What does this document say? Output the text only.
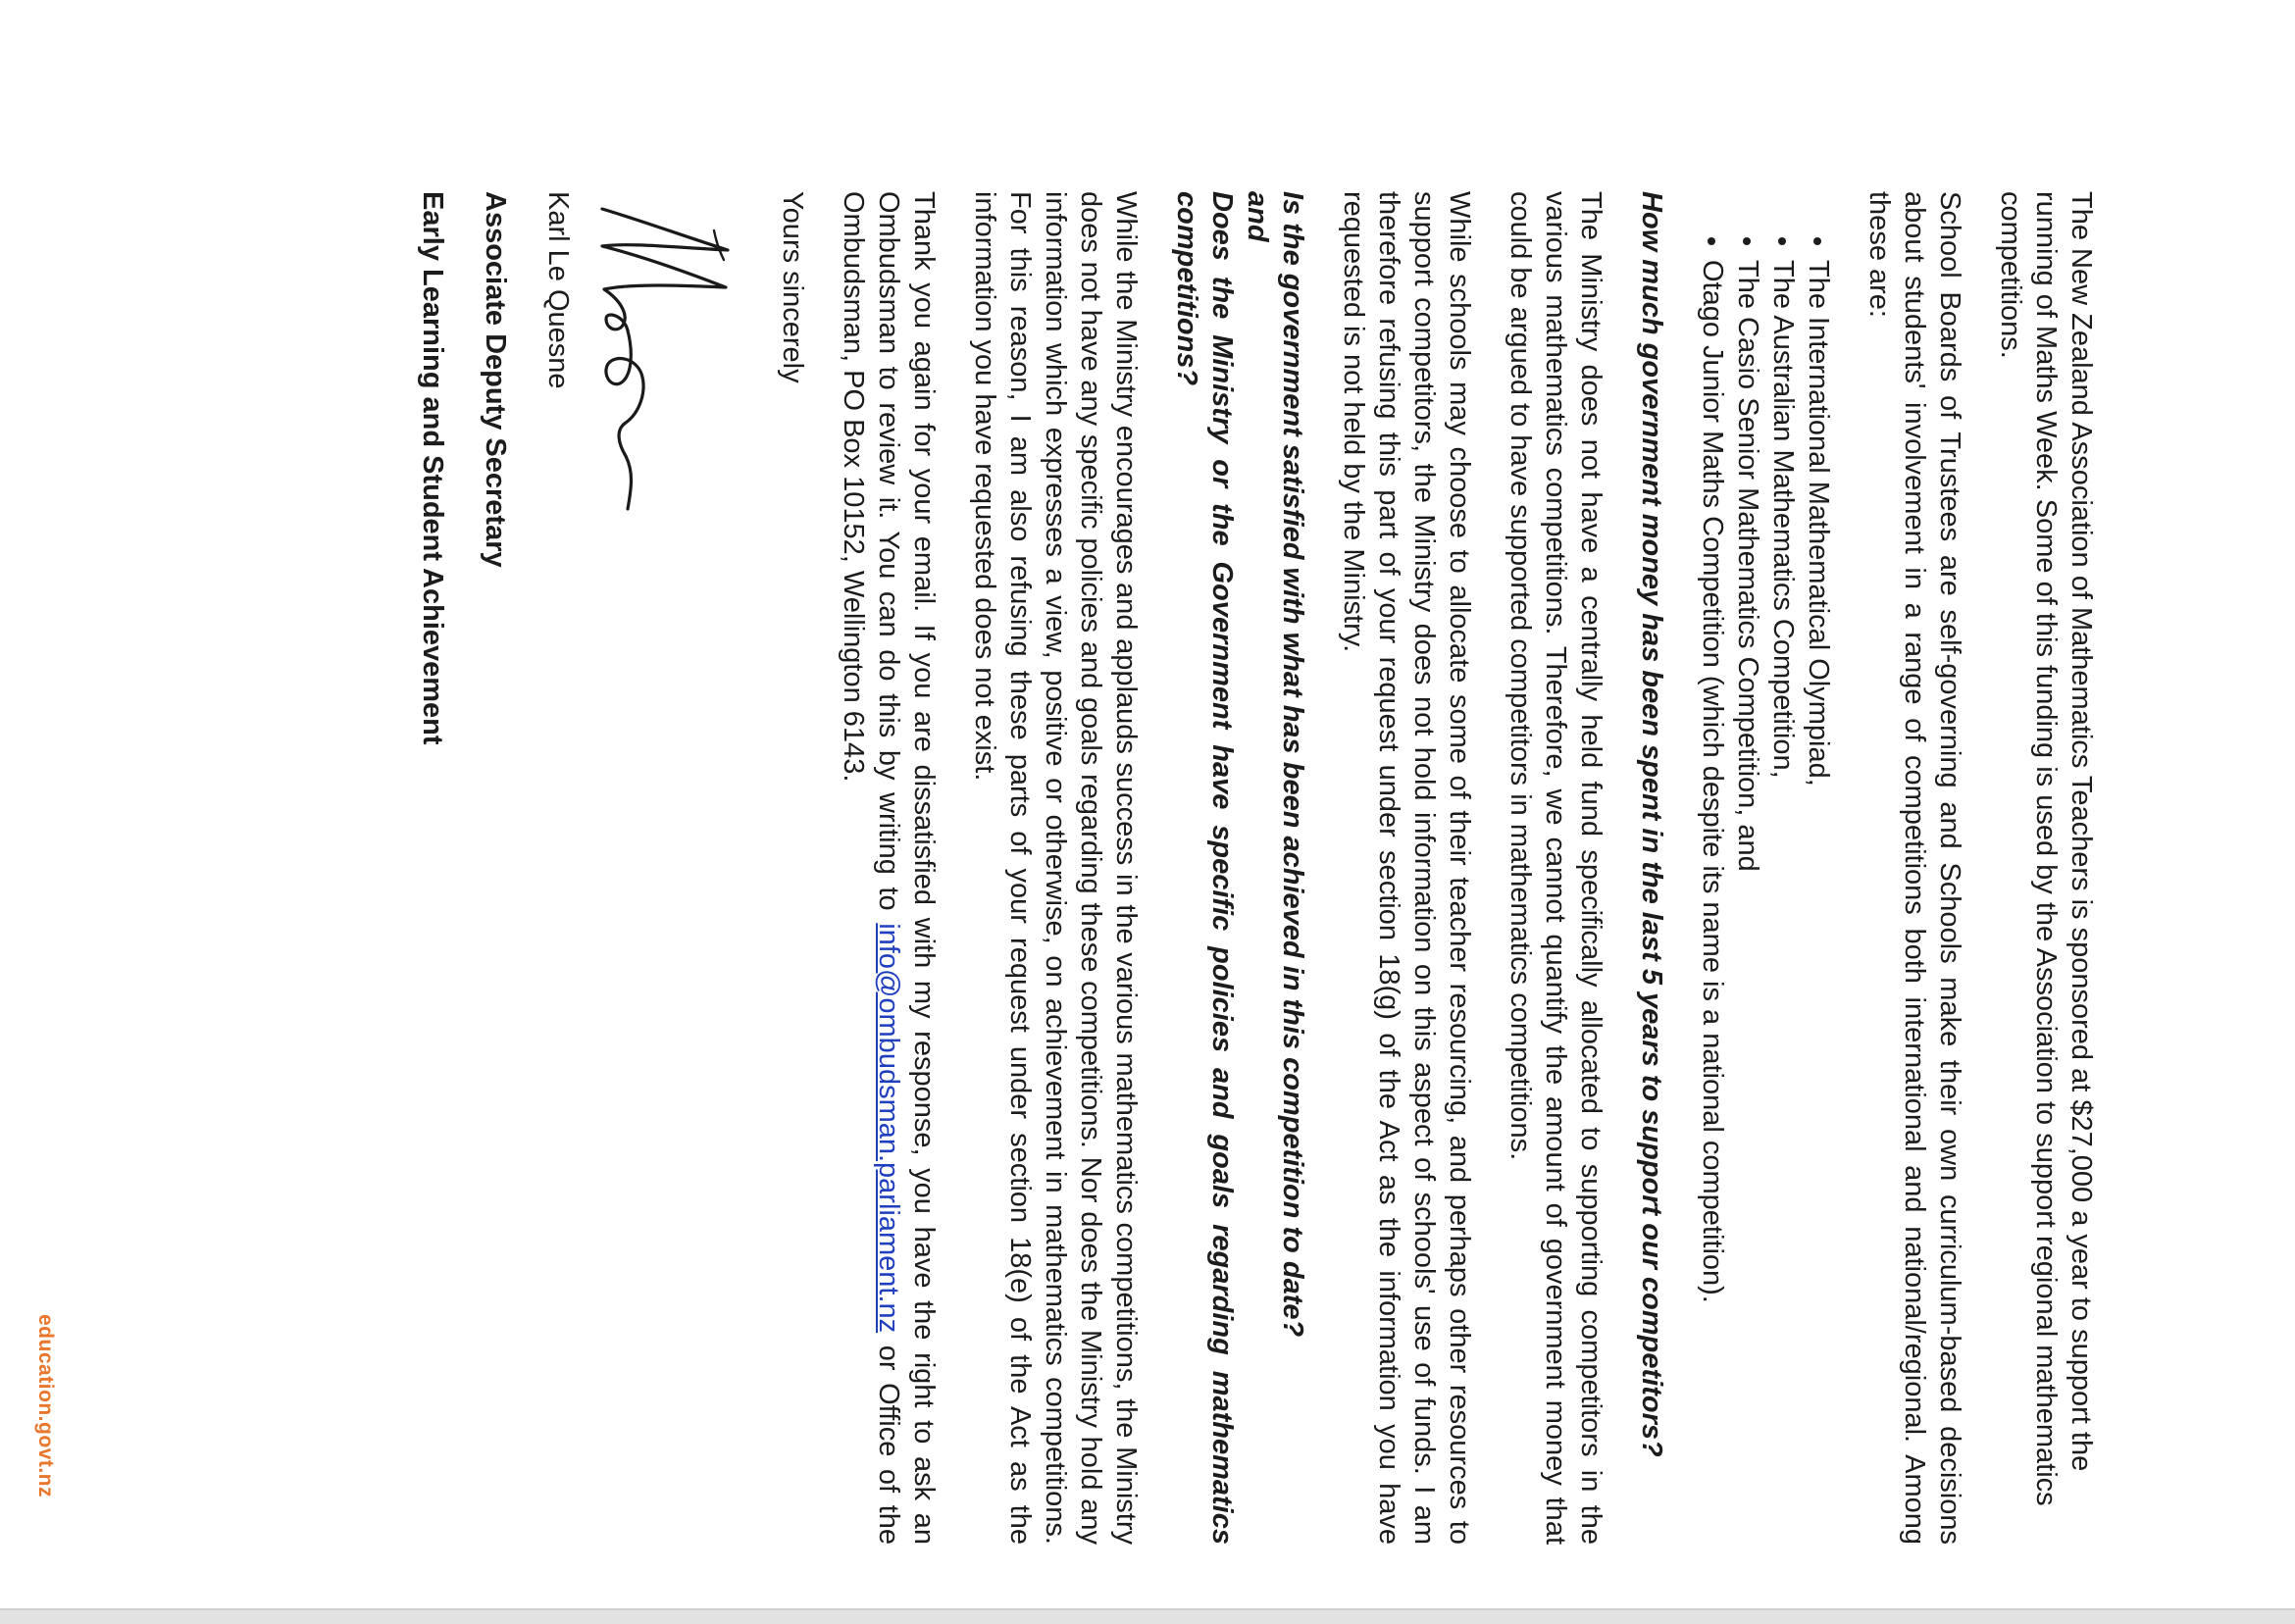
The New Zealand Association of Mathematics Teachers is sponsored at $27,000 a year to support the running of Maths Week. Some of this funding is used by the Association to support regional mathematics competitions.

School Boards of Trustees are self-governing and Schools make their own curriculum-based decisions about students' involvement in a range of competitions both international and national/regional. Among these are:

• The International Mathematical Olympiad,
• The Australian Mathematics Competition,
• The Casio Senior Mathematics Competition, and
• Otago Junior Maths Competition (which despite its name is a national competition).

How much government money has been spent in the last 5 years to support our competitors?

The Ministry does not have a centrally held fund specifically allocated to supporting competitors in the various mathematics competitions. Therefore, we cannot quantify the amount of government money that could be argued to have supported competitors in mathematics competitions.

While schools may choose to allocate some of their teacher resourcing, and perhaps other resources to support competitors, the Ministry does not hold information on this aspect of schools' use of funds. I am therefore refusing this part of your request under section 18(g) of the Act as the information you have requested is not held by the Ministry.

Is the government satisfied with what has been achieved in this competition to date?
and
Does the Ministry or the Government have specific policies and goals regarding mathematics competitions?

While the Ministry encourages and applauds success in the various mathematics competitions, the Ministry does not have any specific policies and goals regarding these competitions. Nor does the Ministry hold any information which expresses a view, positive or otherwise, on achievement in mathematics competitions. For this reason, I am also refusing these parts of your request under section 18(e) of the Act as the information you have requested does not exist.

Thank you again for your email. If you are dissatisfied with my response, you have the right to ask an Ombudsman to review it. You can do this by writing to info@ombudsman.parliament.nz or Office of the Ombudsman, PO Box 10152, Wellington 6143.

Yours sincerely

Karl Le Quesne

Associate Deputy Secretary

Early Learning and Student Achievement

education.govt.nz
